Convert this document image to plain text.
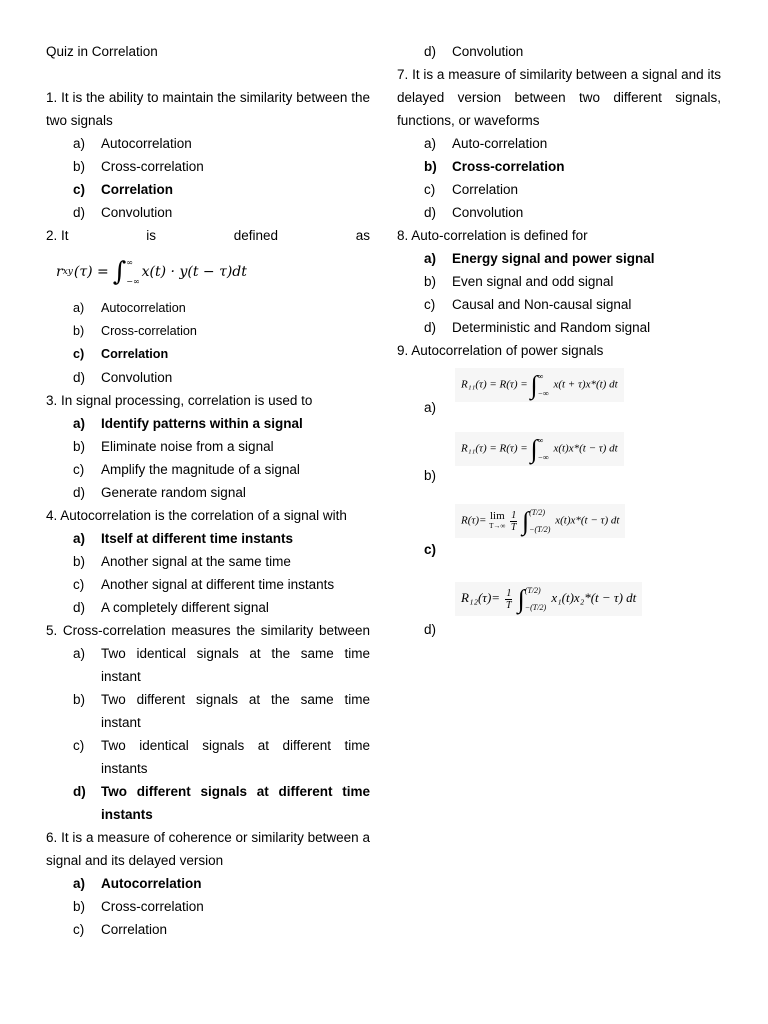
Quiz in Correlation

1. It is the ability to maintain the similarity between the two signals

a)	Autocorrelation
b)	Cross-correlation
c)	Correlation
d)	Convolution
2. It	is	defined	as
r xy (τ) = ∫ ∞
−∞
x(t) · y(t − τ)dt
a)	Autocorrelation
b)	Cross-correlation
c)	Correlation
d)	Convolution

3. In signal processing, correlation is used to

a)	Identify patterns within a signal
b)	Eliminate noise from a signal
c)	Amplify the magnitude of a signal
d)	Generate random signal

4. Autocorrelation is the correlation of a signal with

a)	Itself at different time instants
b)	Another signal at the same time
c)	Another signal at different time instants
d)	A completely different signal

5. Cross-correlation measures the similarity between

a)	Two identical signals at the same time instant
b)	Two different signals at the same time instant
c)	Two identical signals at different time instants
d)	Two different signals at different time instants

6. It is a measure of coherence or similarity between a signal and its delayed version

a)	Autocorrelation
b)	Cross-correlation
c)	Correlation
d)	Convolution

7. It is a measure of similarity between a signal and its delayed version between two different signals, functions, or waveforms

a)	Auto-correlation
b)	Cross-correlation
c)	Correlation
d)	Convolution

8. Auto-correlation is defined for

a)	Energy signal and power signal
b)	Even signal and odd signal
c)	Causal and Non-causal signal
d)	Deterministic and Random signal

9. Autocorrelation of power signals

a)
R₁₁(τ) = R(τ) = ∫ ∞
−∞
x(t + τ)x*(t) dt
b)
R₁₁(τ) = R(τ) = ∫ ∞
−∞
x(t)x*(t − τ) dt
c)
R(τ)= lim
T→∞
$\frac{1}{T}$ ∫ (T/2)
−(T/2)
x(t)x*(t − τ) dt
d)
$R_{12}(\tau)= \frac{1}{T}$ ∫ (T/2)
−(T/2)
x₁(t)x₂*(t − τ) dt
